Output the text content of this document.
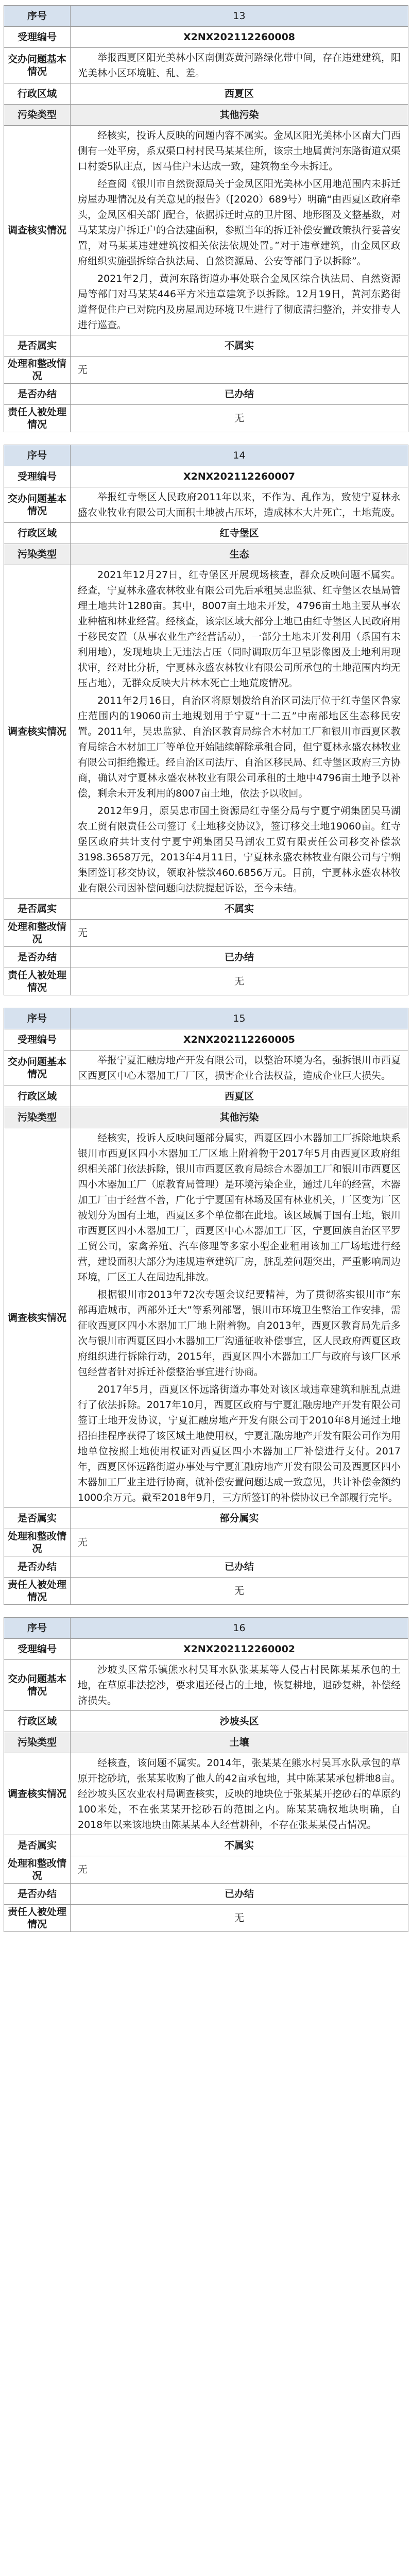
序号	13
受理编号	X2NX202112260008
交办问题基本情况	举报西夏区阳光美林小区南侧赛黄河路绿化带中间，存在违建建筑，阳光美林小区环境脏、乱、差。

行政区域	西夏区
污染类型	其他污染
调查核实情况	经核实，投诉人反映的问题内容不属实。金凤区阳光美林小区南大门西侧有一处平房，系双渠口村村民马某某住所，该宗土地属黄河东路街道双渠口村委5队庄点，因马住户未达成一致，建筑物至今未拆迁。

经查阅《银川市自然资源局关于金凤区阳光美林小区用地范围内未拆迁房屋办理情况及有关意见的报告》（[2020）689号）明确“由西夏区政府牵头，金凤区相关部门配合，依据拆迁时点的卫片图、地形图及文整基数，对马某某房户拆迁户的合法建面积，参照当年的拆迁补偿安置政策执行妥善安置，对马某某违建建筑按相关依法依规处置。”对于违章建筑，由金凤区政府组织实施强拆综合执法局、自然资源局、公安等部门予以拆除”。

2021年2月，黄河东路街道办事处联合金凤区综合执法局、自然资源局等部门对马某某446平方米违章建筑予以拆除。12月19日，黄河东路街道督促住户已对院内及房屋周边环境卫生进行了彻底清扫整治，并安排专人进行巡查。

是否属实	不属实
处理和整改情况	无
是否办结	已办结
责任人被处理情况	无
序号	14
受理编号	X2NX202112260007
交办问题基本情况	举报红寺堡区人民政府2011年以来，不作为、乱作为，致使宁夏林永盛农业牧业有限公司大面积土地被占压坏，造成林木大片死亡，土地荒废。

行政区域	红寺堡区
污染类型	生态
调查核实情况	2021年12月27日，红寺堡区开展现场核查，群众反映问题不属实。经查，宁夏林永盛农林牧业有限公司先后承租吴忠监狱、红寺堡区农垦局管理土地共计1280亩。其中，8007亩土地未开发，4796亩土地主要从事农业种植和林业经营。经核查，该宗区域大部分土地已由红寺堡区人民政府用于移民安置（从事农业生产经营活动），一部分土地未开发利用（系国有未利用地），发现地块上无违法占压（同时调取历年卫星影像图及土地利用现状审，经对比分析，宁夏林永盛农林牧业有限公司所承包的土地范围内均无压占地），无群众反映大片林木死亡土地荒废情况。

2011年2月16日，自治区将原划拨给自治区司法厅位于红寺堡区鲁家庄范围内的19060亩土地规划用于宁夏“十二五”中南部地区生态移民安置。2011年，吴忠监狱、自治区教育局综合木材加工厂和银川市西夏区教育局综合木材加工厂等单位开始陆续解除承租合同，但宁夏林永盛农林牧业有限公司拒绝搬迁。经自治区司法厅、自治区移民局、红寺堡区政府三方协商，确认对宁夏林永盛农林牧业有限公司承租的土地中4796亩土地予以补偿，剩余未开发利用的8007亩土地，依法予以收回。

2012年9月，原吴忠市国土资源局红寺堡分局与宁夏宁朔集团吴马湖农工贸有限责任公司签订《土地移交协议》，签订移交土地19060亩。红寺堡区政府共计支付宁夏宁朔集团吴马湖农工贸有限责任公司移交补偿款3198.3658万元，2013年4月11日，宁夏林永盛农林牧业有限公司与宁朔集团签订移交协议，领取补偿款460.6856万元。目前，宁夏林永盛农林牧业有限公司因补偿问题向法院提起诉讼，至今未结。

是否属实	不属实
处理和整改情况	无
是否办结	已办结
责任人被处理情况	无
序号	15
受理编号	X2NX202112260005
交办问题基本情况	举报宁夏汇融房地产开发有限公司，以整治环境为名，强拆银川市西夏区西夏区中心木器加工厂厂区，损害企业合法权益，造成企业巨大损失。

行政区域	西夏区
污染类型	其他污染
调查核实情况	经核实，投诉人反映问题部分属实，西夏区四小木器加工厂拆除地块系银川市西夏区四小木器加工厂区地上附着物于2017年5月由西夏区政府组织相关部门依法拆除，银川市西夏区教育局综合木器加工厂和银川市西夏区四小木器加工厂（原教育局管理）是环境污染企业，通过几年的经营，木器加工厂由于经营不善，广化于宁夏国有林场及国有林业机关，厂区变为厂区被划分为国有土地，西夏区多个单位都在此地。该区域属于国有土地，银川市西夏区四小木器加工厂，西夏区中心木器加工厂区，宁夏回族自治区平罗工贸公司，家禽养殖、汽车修理等多家小型企业租用该加工厂场地进行经营，建设面积大部分为违规违章建筑厂房，脏乱差问题突出，严重影响周边环境，厂区工人在周边乱排放。

根据银川市2013年72次专题会议纪要精神，为了贯彻落实银川市“东部再造城市，西部外迁大”等系列部署，银川市环境卫生整治工作安排，需征收西夏区四小木器加工厂地上附着物。自2013年，西夏区教育局先后多次与银川市西夏区四小木器加工厂沟通征收补偿事宜，区人民政府西夏区政府组织进行拆除行动，2015年，西夏区四小木器加工厂与政府与该厂区承包经营者针对拆迁补偿整治事宜进行协商。

2017年5月，西夏区怀远路街道办事处对该区域违章建筑和脏乱点进行了依法拆除。2017年10月，西夏区政府与宁夏汇融房地产开发有限公司签订土地开发协议，宁夏汇融房地产开发有限公司于2010年8月通过土地招拍挂程序获得了该区域土地使用权，宁夏汇融房地产开发有限公司作为用地单位按照土地使用权证对西夏区四小木器加工厂补偿进行支付。2017年，西夏区怀远路街道办事处与宁夏汇融房地产开发有限公司及西夏区四小木器加工厂业主进行协商，就补偿安置问题达成一致意见，共计补偿金额约1000余万元。截至2018年9月，三方所签订的补偿协议已全部履行完毕。

是否属实	部分属实
处理和整改情况	无
是否办结	已办结
责任人被处理情况	无
序号	16
受理编号	X2NX202112260002
交办问题基本情况	沙坡头区常乐镇熊水村吴耳水队张某某等人侵占村民陈某某承包的土地，在草原非法挖沙，要求退还侵占的土地，恢复耕地，退砂复耕，补偿经济损失。

行政区域	沙坡头区
污染类型	土壤
调查核实情况	经核查，该问题不属实。2014年，张某某在熊水村吴耳水队承包的草原开挖砂坑，张某某收购了他人的42亩承包地，其中陈某某承包耕地8亩。经沙坡头区农业农村局调查核实，反映的地块位于张某某开挖砂石的草原约100米处，不在张某某开挖砂石的范围之内。陈某某确权地块明确，自2018年以来该地块由陈某某本人经营耕种，不存在张某某侵占情况。

是否属实	不属实
处理和整改情况	无
是否办结	已办结
责任人被处理情况	无
